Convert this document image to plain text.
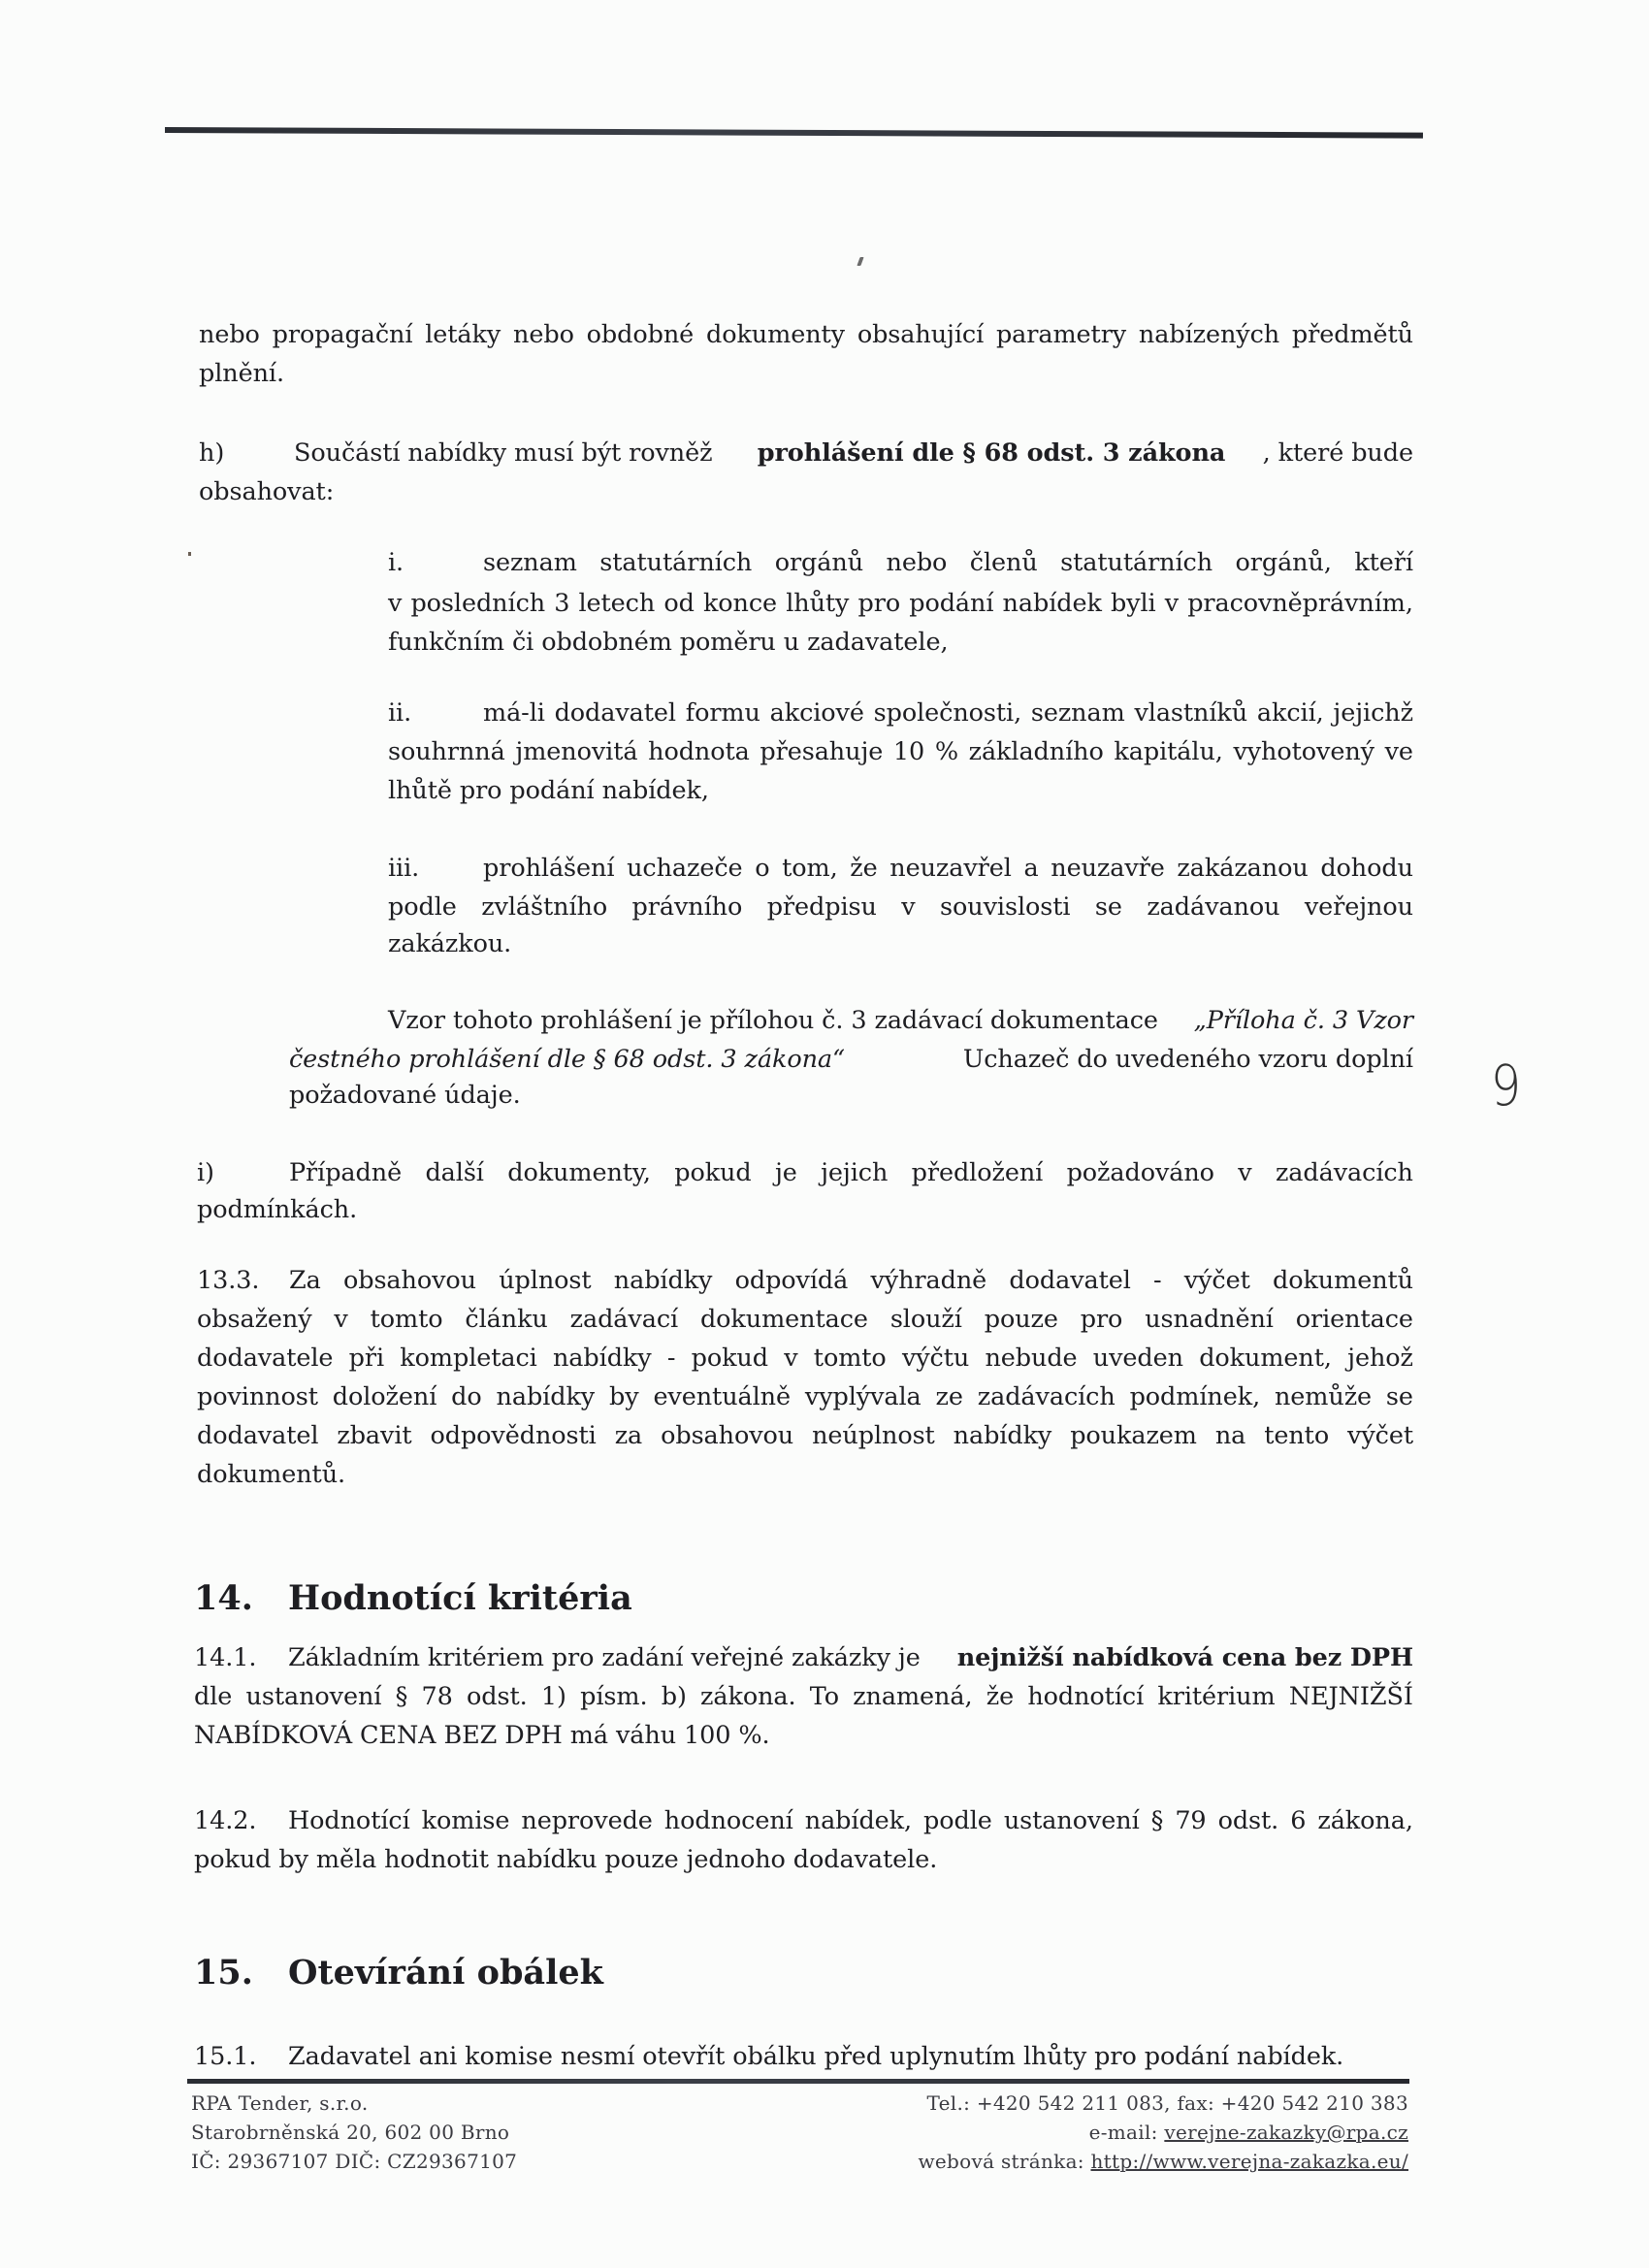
nebo propagační letáky nebo obdobné dokumenty obsahující parametry nabízených předmětů
plnění.
h)	Součástí nabídky musí být rovněž prohlášení dle § 68 odst. 3 zákona , které bude
obsahovat:
i.	seznam statutárních orgánů nebo členů statutárních orgánů, kteří
v posledních 3 letech od konce lhůty pro podání nabídek byli v pracovněprávním,
funkčním či obdobném poměru u zadavatele,
ii.	má-li dodavatel formu akciové společnosti, seznam vlastníků akcií, jejichž
souhrnná jmenovitá hodnota přesahuje 10 % základního kapitálu, vyhotovený ve
lhůtě pro podání nabídek,
iii.	prohlášení uchazeče o tom, že neuzavřel a neuzavře zakázanou dohodu
podle zvláštního právního předpisu v souvislosti se zadávanou veřejnou
zakázkou.
Vzor tohoto prohlášení je přílohou č. 3 zadávací dokumentace „Příloha č. 3 Vzor
čestného prohlášení dle § 68 odst. 3 zákona“	Uchazeč do uvedeného vzoru doplní
požadované údaje.	9
i)	Případně další dokumenty, pokud je jejich předložení požadováno v zadávacích
podmínkách.
13.3. Za obsahovou úplnost nabídky odpovídá výhradně dodavatel - výčet dokumentů
obsažený v tomto článku zadávací dokumentace slouží pouze pro usnadnění orientace
dodavatele při kompletaci nabídky - pokud v tomto výčtu nebude uveden dokument, jehož
povinnost doložení do nabídky by eventuálně vyplývala ze zadávacích podmínek, nemůže se
dodavatel zbavit odpovědnosti za obsahovou neúplnost nabídky poukazem na tento výčet
dokumentů.
14. Hodnotící kritéria
14.1. Základním kritériem pro zadání veřejné zakázky je nejnižší nabídková cena bez DPH
dle ustanovení § 78 odst. 1) písm. b) zákona. To znamená, že hodnotící kritérium NEJNIŽŠÍ
NABÍDKOVÁ CENA BEZ DPH má váhu 100 %.
14.2. Hodnotící komise neprovede hodnocení nabídek, podle ustanovení § 79 odst. 6 zákona,
pokud by měla hodnotit nabídku pouze jednoho dodavatele.
15. Otevírání obálek
15.1. Zadavatel ani komise nesmí otevřít obálku před uplynutím lhůty pro podání nabídek.
RPA Tender, s.r.o.
Starobrněnská 20, 602 00 Brno
IČ: 29367107 DIČ: CZ29367107
Tel.: +420 542 211 083, fax: +420 542 210 383
e-mail: verejne-zakazky@rpa.cz
webová stránka: http://www.verejna-zakazka.eu/
